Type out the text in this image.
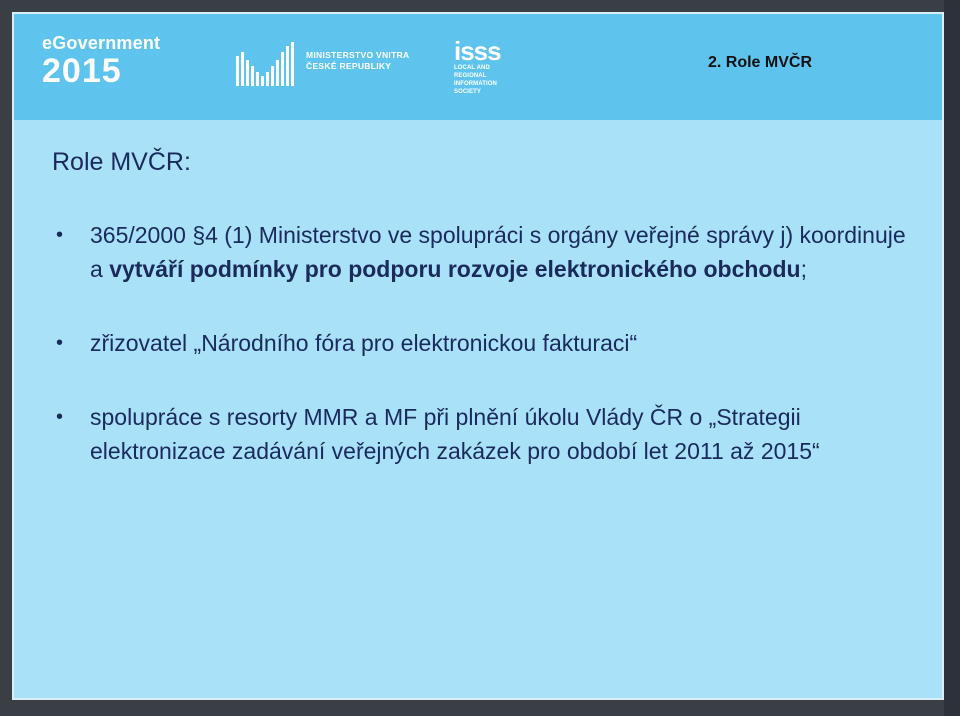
eGovernment
2015	MINISTERSTVO VNITRA
ČESKÉ REPUBLIKY	isss
LOCAL AND REGIONAL
INFORMATION SOCIETY
2. Role MVČR
Role MVČR:
• 365/2000 §4 (1) Ministerstvo ve spolupráci s orgány veřejné správy j) koordinuje a vytváří podmínky pro podporu rozvoje elektronického obchodu;
• zřizovatel „Národního fóra pro elektronickou fakturaci“
• spolupráce s resorty MMR a MF při plnění úkolu Vlády ČR o „Strategii elektronizace zadávání veřejných zakázek pro období let 2011 až 2015“
